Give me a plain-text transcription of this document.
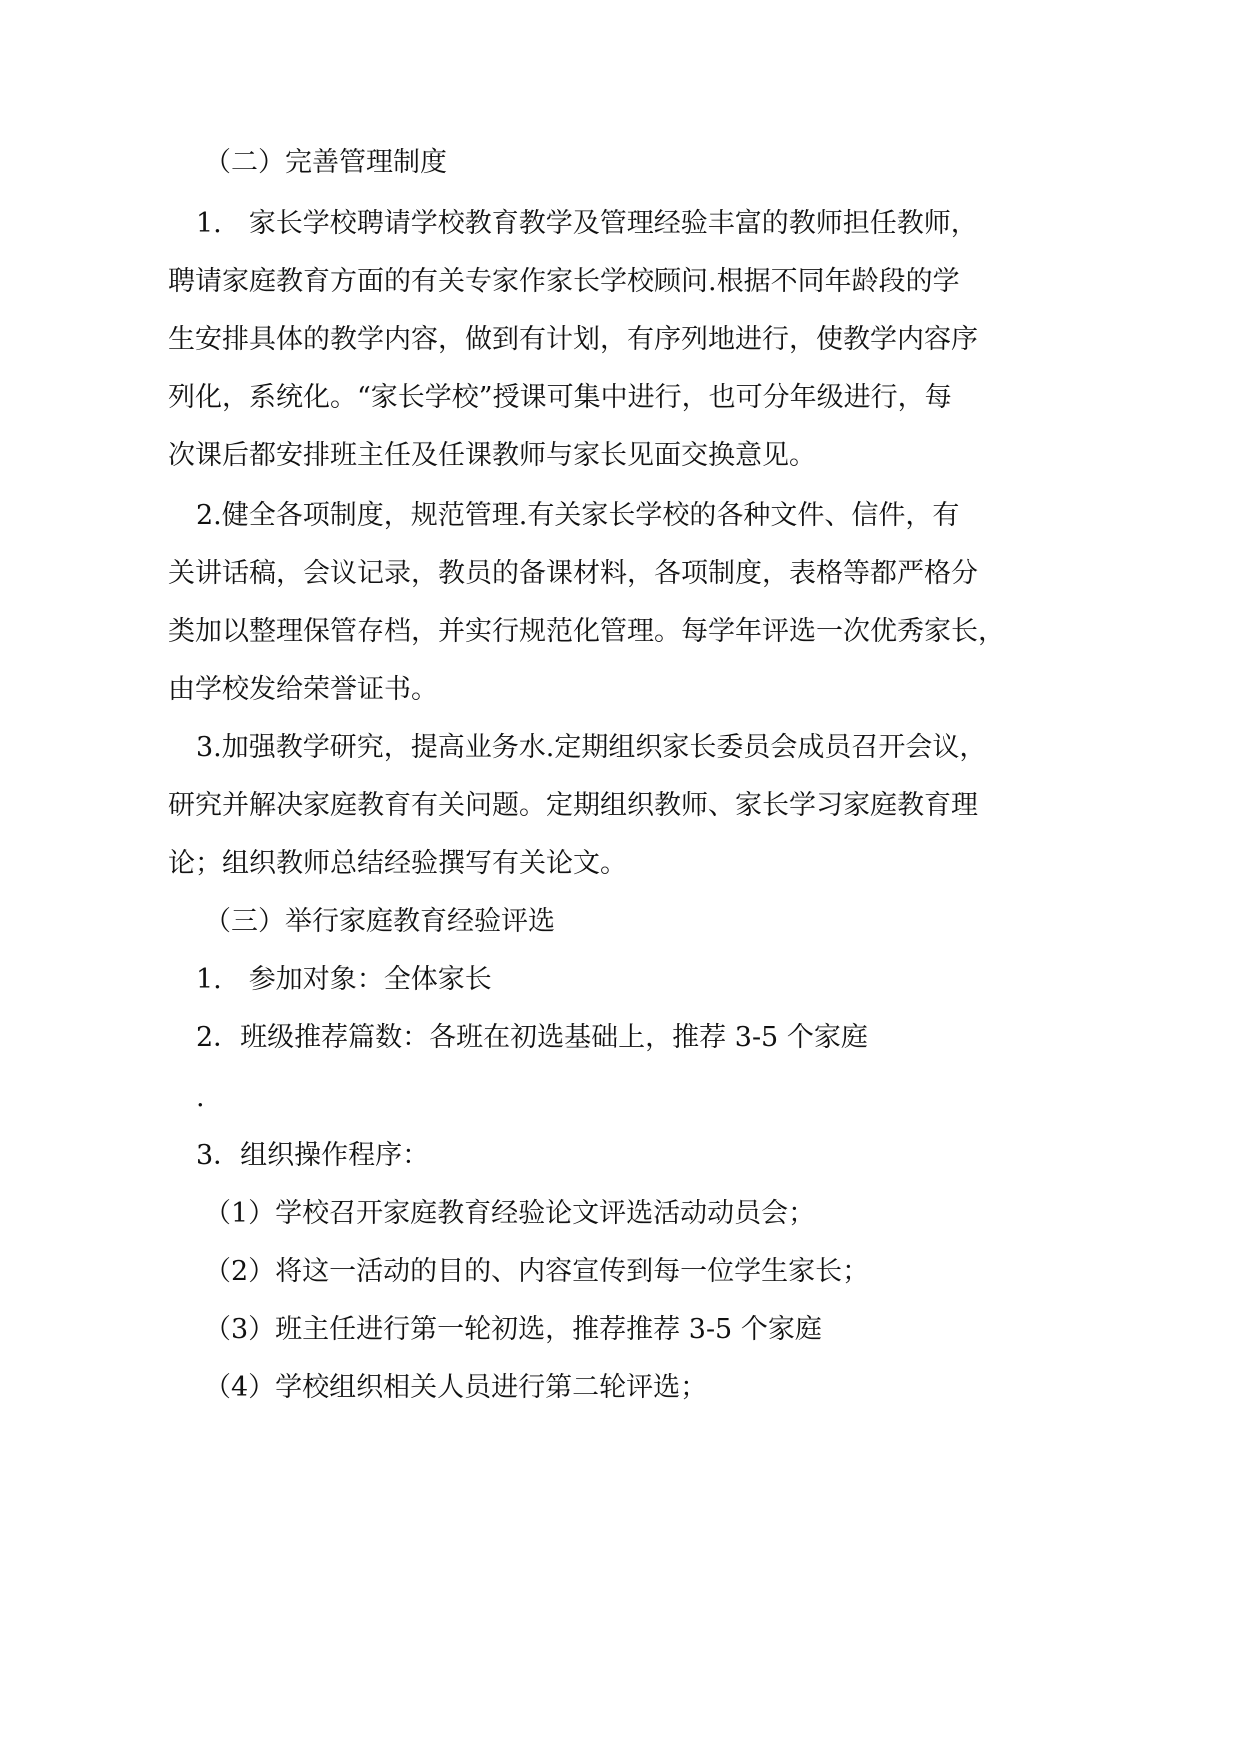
（二）完善管理制度
1.　家长学校聘请学校教育教学及管理经验丰富的教师担任教师，
聘请家庭教育方面的有关专家作家长学校顾问.根据不同年龄段的学
生安排具体的教学内容，做到有计划，有序列地进行，使教学内容序
列化，系统化。“家长学校”授课可集中进行，也可分年级进行，每
次课后都安排班主任及任课教师与家长见面交换意见。
2.健全各项制度，规范管理.有关家长学校的各种文件、信件，有
关讲话稿，会议记录，教员的备课材料，各项制度，表格等都严格分
类加以整理保管存档，并实行规范化管理。每学年评选一次优秀家长，
由学校发给荣誉证书。
3.加强教学研究，提高业务水.定期组织家长委员会成员召开会议，
研究并解决家庭教育有关问题。定期组织教师、家长学习家庭教育理
论；组织教师总结经验撰写有关论文。
（三）举行家庭教育经验评选
1.　参加对象：全体家长
2．班级推荐篇数：各班在初选基础上，推荐 3-5 个家庭
.
3．组织操作程序：
（1）学校召开家庭教育经验论文评选活动动员会；
（2）将这一活动的目的、内容宣传到每一位学生家长；
（3）班主任进行第一轮初选，推荐推荐 3-5 个家庭
（4）学校组织相关人员进行第二轮评选；
